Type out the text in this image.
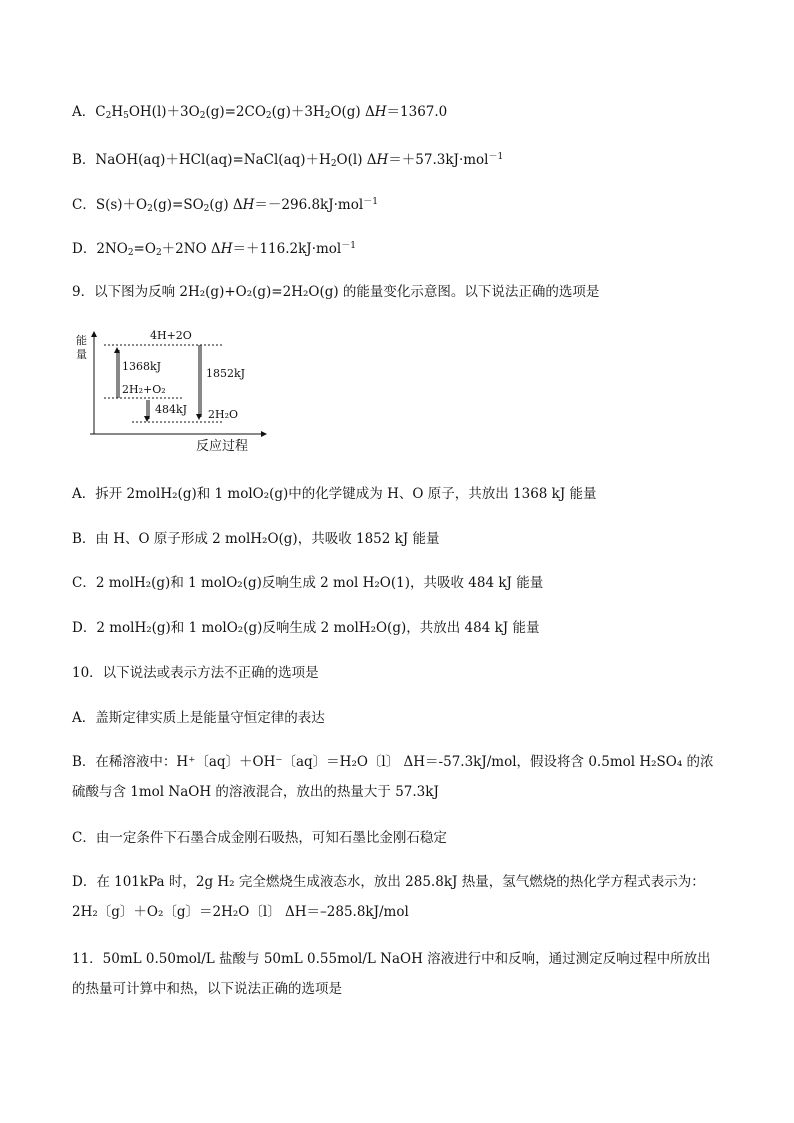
A．$C_2H_5OH(l)+3O_2(g)=2CO_2(g)+3H_2O(g)$ ΔH＝1367.0
B．$NaOH(aq)+HCl(aq)=NaCl(aq)+H_2O(l)$ ΔH＝＋57.3kJ·mol$^{-1}$
C．$S(s)+O_2(g)=SO_2(g)$ ΔH＝－296.8kJ·mol$^{-1}$
D．$2NO_2=O_2+2NO$ ΔH＝＋116.2kJ·mol$^{-1}$
9．以下图为反响 2H₂(g)+O₂(g)=2H₂O(g) 的能量变化示意图。以下说法正确的选项是
能
量
反应过程
4H+2O
2H₂+O₂
2H₂O
1368kJ
1852kJ
484kJ
A．拆开 2molH₂(g)和 1 molO₂(g)中的化学键成为 H、O 原子，共放出 1368 kJ 能量
B．由 H、O 原子形成 2 molH₂O(g)，共吸收 1852 kJ 能量
C．2 molH₂(g)和 1 molO₂(g)反响生成 2 mol H₂O(1)，共吸收 484 kJ 能量
D．2 molH₂(g)和 1 molO₂(g)反响生成 2 molH₂O(g)，共放出 484 kJ 能量
10．以下说法或表示方法不正确的选项是
A．盖斯定律实质上是能量守恒定律的表达
B．在稀溶液中：H⁺〔aq〕＋OH⁻〔aq〕＝H₂O〔l〕 ΔH＝-57.3kJ/mol，假设将含 0.5mol H₂SO₄ 的浓硫酸与含 1mol NaOH 的溶液混合，放出的热量大于 57.3kJ
C．由一定条件下石墨合成金刚石吸热，可知石墨比金刚石稳定
D．在 101kPa 时，2g H₂ 完全燃烧生成液态水，放出 285.8kJ 热量，氢气燃烧的热化学方程式表示为：2H₂〔g〕＋O₂〔g〕＝2H₂O〔l〕 ΔH＝–285.8kJ/mol
11．50mL 0.50mol/L 盐酸与 50mL 0.55mol/L NaOH 溶液进行中和反响，通过测定反响过程中所放出的热量可计算中和热，以下说法正确的选项是
